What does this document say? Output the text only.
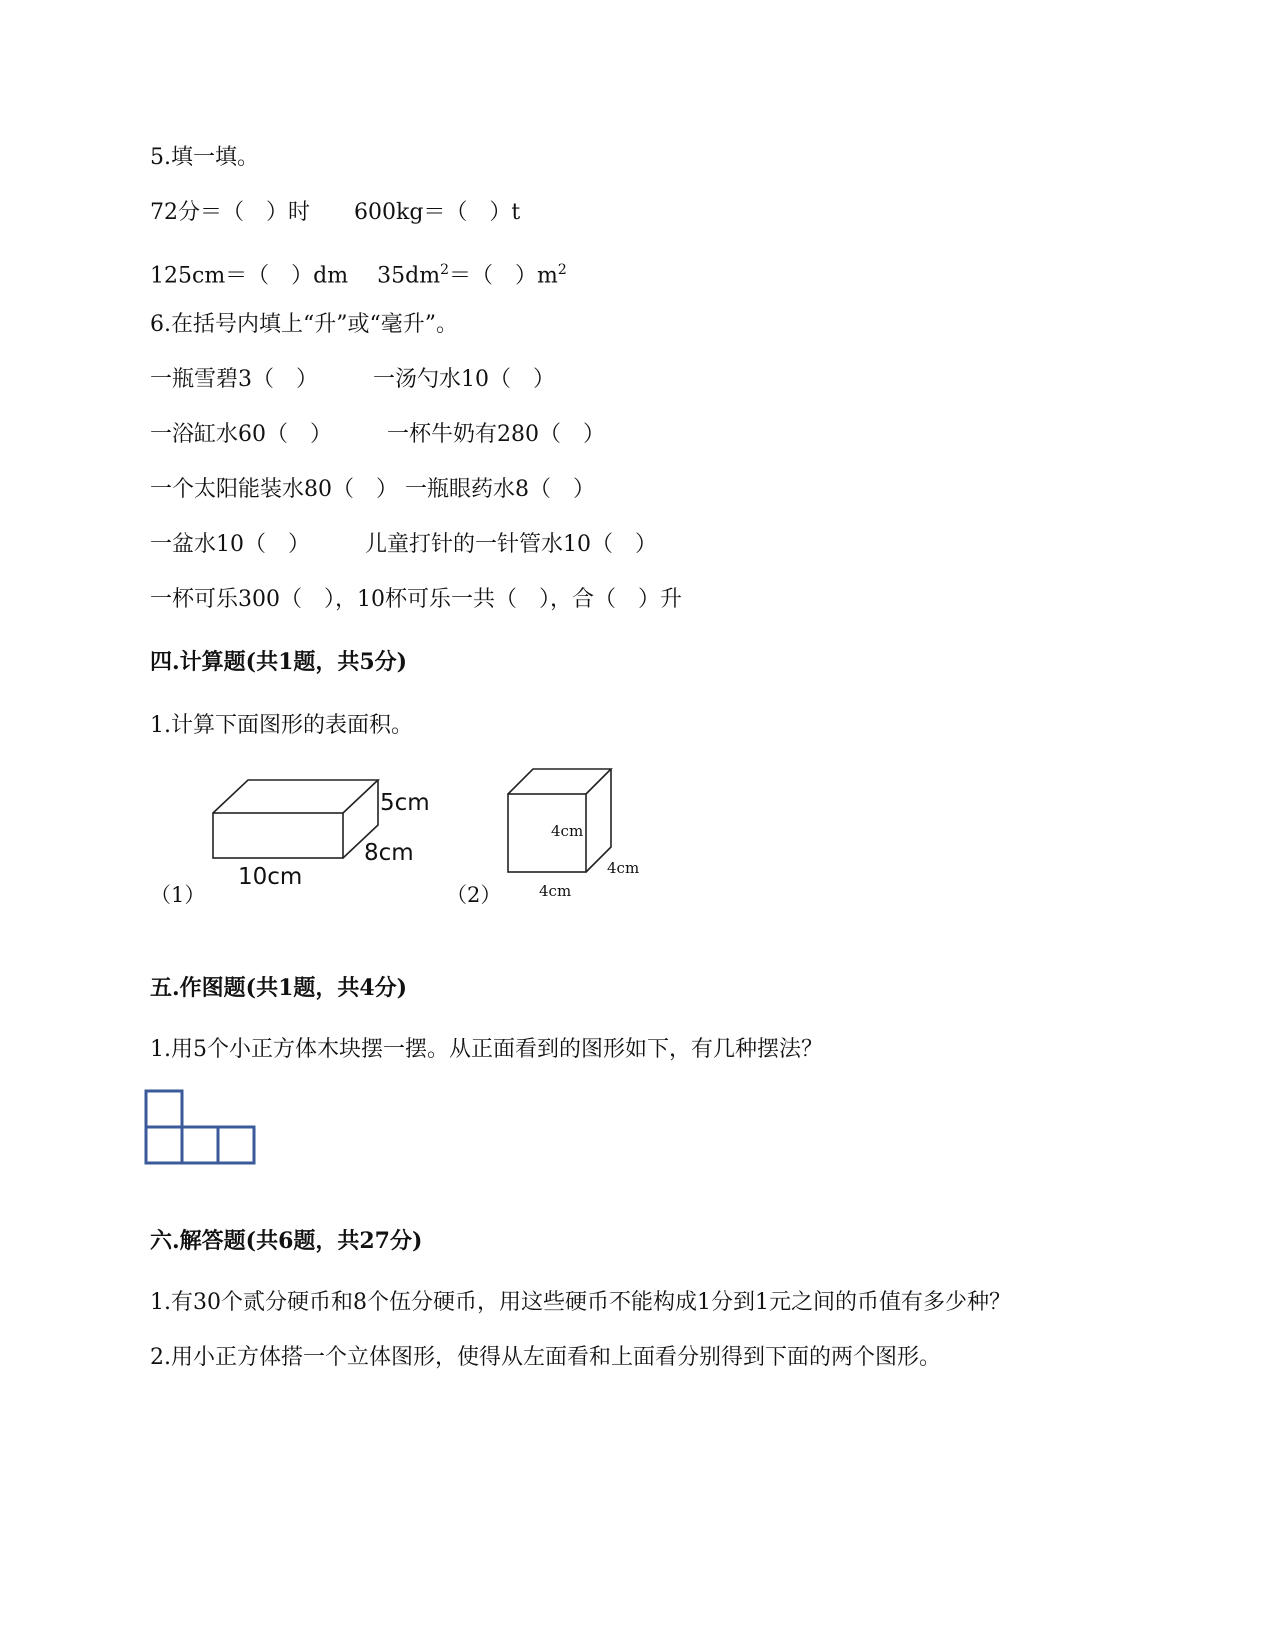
5.填一填。
72分＝（　）时　　600kg＝（　）t
125cm＝（　）dm　 $35dm^2=$（　）$m^2$
6.在括号内填上“升”或“毫升”。
一瓶雪碧3（　）　　　一汤勺水10（　）
一浴缸水60（　）　　　一杯牛奶有280（　）
一个太阳能装水80（　） 一瓶眼药水8（　）
一盆水10（　）　　　儿童打针的一针管水10（　）
一杯可乐300（　），10杯可乐一共（　），合（　）升
四.计算题(共1题，共5分)
1.计算下面图形的表面积。
（1）
5cm
8cm
10cm
（2）
4cm
4cm
4cm
五.作图题(共1题，共4分)
1.用5个小正方体木块摆一摆。从正面看到的图形如下，有几种摆法？
六.解答题(共6题，共27分)
1.有30个贰分硬币和8个伍分硬币，用这些硬币不能构成1分到1元之间的币值有多少种？
2.用小正方体搭一个立体图形，使得从左面看和上面看分别得到下面的两个图形。
